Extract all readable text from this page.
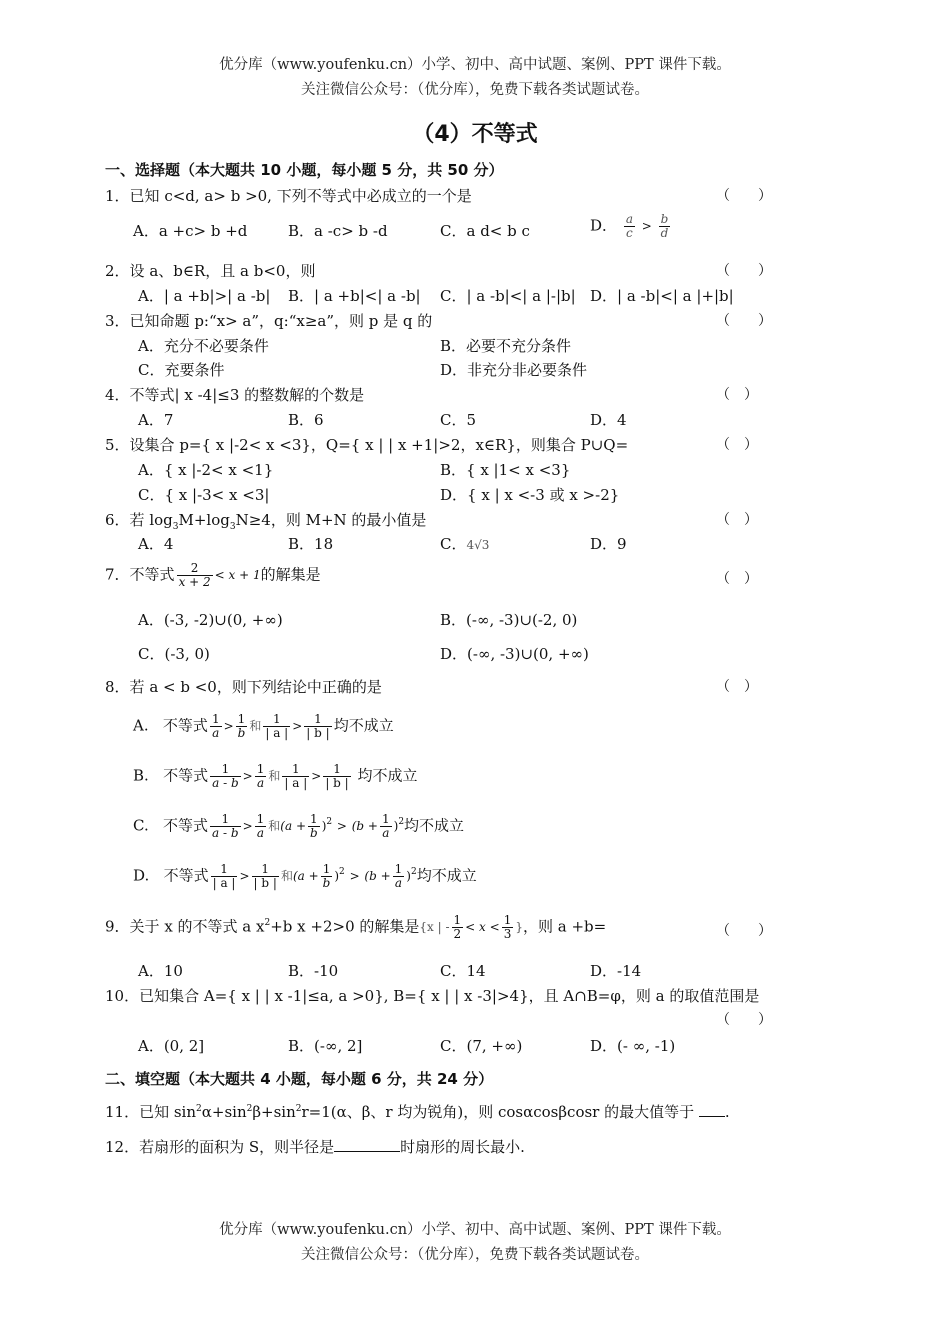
优分库（www.youfenku.cn）小学、初中、高中试题、案例、PPT 课件下载。
关注微信公众号：（优分库），免费下载各类试题试卷。
（4）不等式
一、选择题（本大题共 10 小题，每小题 5 分，共 50 分）
1．已知 c<d, a> b >0, 下列不等式中必成立的一个是	（　　）
A．a +c> b +d	B．a -c> b -d	C．a d< b c	D． $\frac{a}{c} > \frac{b}{d}$
2．设 a、b∈R，且 a b<0，则	（　　）
A．| a +b|>| a -b| B．| a +b|<| a -b| C．| a -b|<| a |-|b| D．| a -b|<| a |+|b|
3．已知命题 p:“x> a”，q:“x≥a”，则 p 是 q 的	（　　）
A．充分不必要条件	B．必要不充分条件
C．充要条件	D．非充分非必要条件
4．不等式| x -4|≤3 的整数解的个数是	（　）
A．7	B．6	C．5	D．4
5．设集合 p={ x |-2< x <3}，Q={ x | | x +1|>2，x∈R}，则集合 P∪Q=	（　）
A．{ x |-2< x <1}	B．{ x |1< x <3}
C．{ x |-3< x <3|	D．{ x | x <-3 或 x >-2}
6．若 $\log_3M+\log_3N\ge 4$，则 M+N 的最小值是	（　）
A．4	B．18	C．4√3	D．9
7．不等式 $\frac{2}{x + 2} < x + 1$的解集是	（　）
A．(-3, -2)∪(0, +∞)	B．(-∞, -3)∪(-2, 0)
C．(-3, 0)	D．(-∞, -3)∪(0, +∞)
8．若 a < b <0，则下列结论中正确的是	（　）
A. 不等式 $\frac{1}{a} > \frac{1}{b}$ 和 $\frac{1}{| a |} > \frac{1}{| b |}$ 均不成立
B. 不等式 $\frac{1}{a - b} > \frac{1}{a}$ 和 $\frac{1}{| a |} > \frac{1}{| b |}$ 均不成立
C. 不等式 $\frac{1}{a - b} > \frac{1}{a}$ 和$(a + \frac{1}{b} )^2 > (b + \frac{1}{a} )^2$均不成立
D. 不等式 $\frac{1}{| a |} > \frac{1}{| b |}$ 和$(a + \frac{1}{b} )^2 > (b + \frac{1}{a} )^2$均不成立
9．关于 x 的不等式 a $x^2+b$ x +2>0 的解集是{x | - $\frac{1}{2} < x < \frac{1}{3}$ }，则 a +b=	（　　）
A．10	B．-10	C．14	D．-14
10．已知集合 A={ x | | x -1|≤a, a >0}, B={ x | | x -3|>4}，且 A∩B=φ，则 a 的取值范围是
（　　）
A．(0, 2]	B．(-∞, 2]	C．(7, +∞)	D．(- ∞, -1)
二、填空题（本大题共 4 小题，每小题 6 分，共 24 分）
11．已知 $\sin^2\alpha+\sin^2\beta+\sin^2r=1(\alpha$、β、r 均为锐角)，则 cosαcosβcosr 的最大值等于 .
12．若扇形的面积为 S，则半径是	时扇形的周长最小.
优分库（www.youfenku.cn）小学、初中、高中试题、案例、PPT 课件下载。
关注微信公众号：（优分库），免费下载各类试题试卷。
